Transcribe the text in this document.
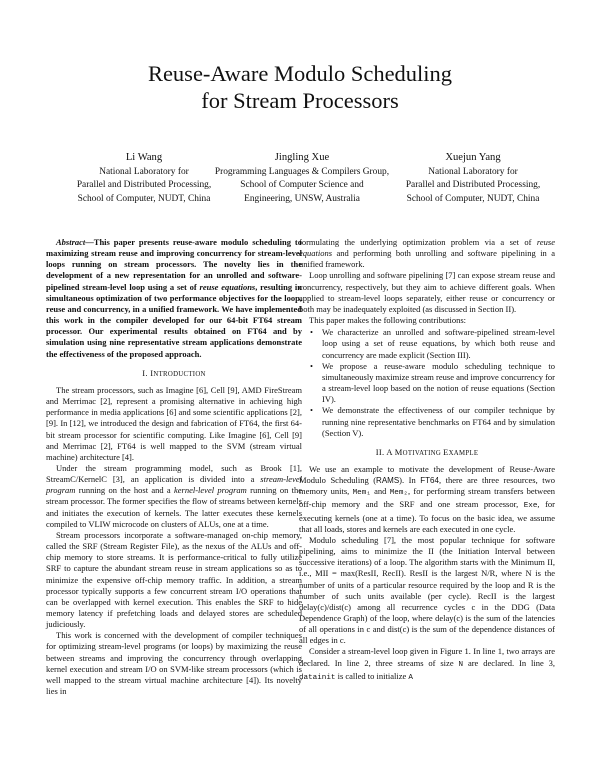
Reuse-Aware Modulo Scheduling
for Stream Processors
Li Wang
National Laboratory for
Parallel and Distributed Processing,
School of Computer, NUDT, China
Jingling Xue
Programming Languages & Compilers Group,
School of Computer Science and
Engineering, UNSW, Australia
Xuejun Yang
National Laboratory for
Parallel and Distributed Processing,
School of Computer, NUDT, China

Abstract—This paper presents reuse-aware modulo scheduling to maximizing stream reuse and improving concurrency for stream-level loops running on stream processors. The novelty lies in the development of a new representation for an unrolled and software-pipelined stream-level loop using a set of reuse equations, resulting in simultaneous optimization of two performance objectives for the loop, reuse and concurrency, in a unified framework. We have implemented this work in the compiler developed for our 64-bit FT64 stream processor. Our experimental results obtained on FT64 and by simulation using nine representative stream applications demonstrate the effectiveness of the proposed approach.

I. INTRODUCTION

The stream processors, such as Imagine [6], Cell [9], AMD FireStream and Merrimac [2], represent a promising alternative in achieving high performance in media applications [6] and some scientific applications [2], [9]. In [12], we introduced the design and fabrication of FT64, the first 64-bit stream processor for scientific computing. Like Imagine [6], Cell [9] and Merrimac [2], FT64 is well mapped to the SVM (stream virtual machine) architecture [4].

Under the stream programming model, such as Brook [1], StreamC/KernelC [3], an application is divided into a stream-level program running on the host and a kernel-level program running on the stream processor. The former specifies the flow of streams between kernels and initiates the execution of kernels. The latter executes these kernels compiled to VLIW microcode on clusters of ALUs, one at a time.

Stream processors incorporate a software-managed on-chip memory, called the SRF (Stream Register File), as the nexus of the ALUs and off-chip memory to store streams. It is performance-critical to fully utilize SRF to capture the abundant stream reuse in stream applications so as to minimize the expensive off-chip memory traffic. In addition, a stream processor typically supports a few concurrent stream I/O operations that can be overlapped with kernel execution. This enables the SRF to hide memory latency if prefetching loads and delayed stores are scheduled judiciously.

This work is concerned with the development of compiler techniques for optimizing stream-level programs (or loops) by maximizing the reuse between streams and improving the concurrency through overlapping kernel execution and stream I/O on SVM-like stream processors (which is well mapped to the stream virtual machine architecture [4]). Its novelty lies in

formulating the underlying optimization problem via a set of reuse equations and performing both unrolling and software pipelining in a unified framework.

Loop unrolling and software pipelining [7] can expose stream reuse and concurrency, respectively, but they aim to achieve different goals. When applied to stream-level loops separately, either reuse or concurrency or both may be inadequately exploited (as discussed in Section II).

This paper makes the following contributions:

• We characterize an unrolled and software-pipelined stream-level loop using a set of reuse equations, by which both reuse and concurrency are made explicit (Section III).
• We propose a reuse-aware modulo scheduling technique to simultaneously maximize stream reuse and improve concurrency for a stream-level loop based on the notion of reuse equations (Section IV).
• We demonstrate the effectiveness of our compiler technique by running nine representative benchmarks on FT64 and by simulation (Section V).
II. A MOTIVATING EXAMPLE

We use an example to motivate the development of Reuse-Aware Modulo Scheduling (RAMS). In FT64, there are three resources, two memory units, Mem₁ and Mem₂, for performing stream transfers between off-chip memory and the SRF and one stream processor, Exe, for executing kernels (one at a time). To focus on the basic idea, we assume that all loads, stores and kernels are each executed in one cycle.

Modulo scheduling [7], the most popular technique for software pipelining, aims to minimize the II (the Initiation Interval between successive iterations) of a loop. The algorithm starts with the Minimum II, i.e., MII = max(ResII, RecII). ResII is the largest N/R, where N is the number of units of a particular resource required by the loop and R is the number of such units available (per cycle). RecII is the largest delay(c)/dist(c) among all recurrence cycles c in the DDG (Data Dependence Graph) of the loop, where delay(c) is the sum of the latencies of all operations in c and dist(c) is the sum of the dependence distances of all edges in c.

Consider a stream-level loop given in Figure 1. In line 1, two arrays are declared. In line 2, three streams of size N are declared. In line 3, datainit is called to initialize A
